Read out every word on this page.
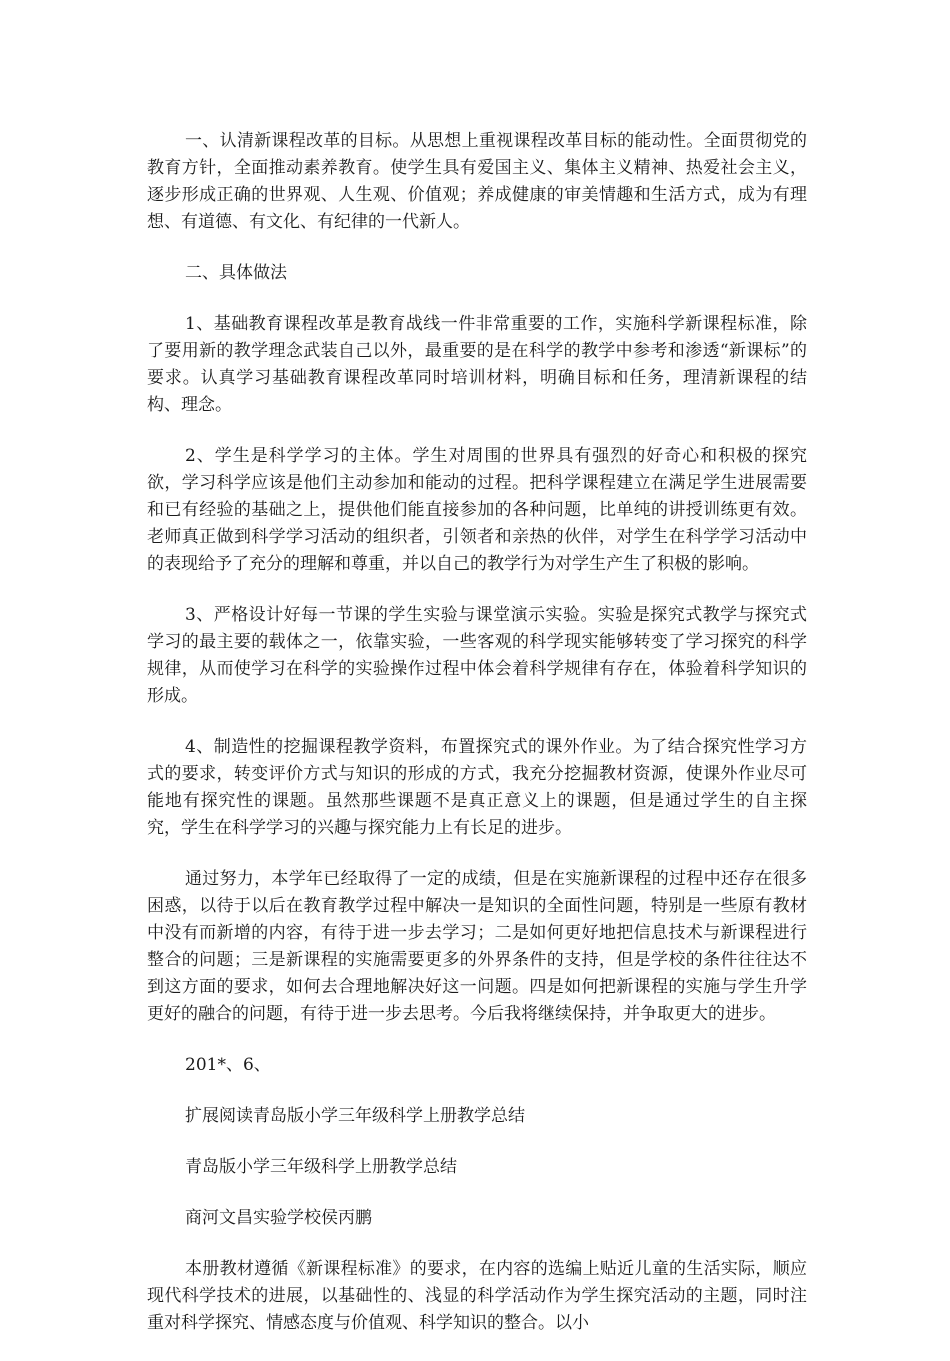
一、认清新课程改革的目标。从思想上重视课程改革目标的能动性。全面贯彻党的教育方针，全面推动素养教育。使学生具有爱国主义、集体主义精神、热爱社会主义，逐步形成正确的世界观、人生观、价值观；养成健康的审美情趣和生活方式，成为有理想、有道德、有文化、有纪律的一代新人。

二、具体做法

1、基础教育课程改革是教育战线一件非常重要的工作，实施科学新课程标准，除了要用新的教学理念武装自己以外，最重要的是在科学的教学中参考和渗透“新课标”的要求。认真学习基础教育课程改革同时培训材料，明确目标和任务，理清新课程的结构、理念。

2、学生是科学学习的主体。学生对周围的世界具有强烈的好奇心和积极的探究欲，学习科学应该是他们主动参加和能动的过程。把科学课程建立在满足学生进展需要和已有经验的基础之上，提供他们能直接参加的各种问题，比单纯的讲授训练更有效。老师真正做到科学学习活动的组织者，引领者和亲热的伙伴，对学生在科学学习活动中的表现给予了充分的理解和尊重，并以自己的教学行为对学生产生了积极的影响。

3、严格设计好每一节课的学生实验与课堂演示实验。实验是探究式教学与探究式学习的最主要的载体之一，依靠实验，一些客观的科学现实能够转变了学习探究的科学规律，从而使学习在科学的实验操作过程中体会着科学规律有存在，体验着科学知识的形成。

4、制造性的挖掘课程教学资料，布置探究式的课外作业。为了结合探究性学习方式的要求，转变评价方式与知识的形成的方式，我充分挖掘教材资源，使课外作业尽可能地有探究性的课题。虽然那些课题不是真正意义上的课题，但是通过学生的自主探究，学生在科学学习的兴趣与探究能力上有长足的进步。

通过努力，本学年已经取得了一定的成绩，但是在实施新课程的过程中还存在很多困惑，以待于以后在教育教学过程中解决一是知识的全面性问题，特别是一些原有教材中没有而新增的内容，有待于进一步去学习；二是如何更好地把信息技术与新课程进行整合的问题；三是新课程的实施需要更多的外界条件的支持，但是学校的条件往往达不到这方面的要求，如何去合理地解决好这一问题。四是如何把新课程的实施与学生升学更好的融合的问题，有待于进一步去思考。今后我将继续保持，并争取更大的进步。

201*、6、

扩展阅读青岛版小学三年级科学上册教学总结

青岛版小学三年级科学上册教学总结

商河文昌实验学校侯丙鹏

本册教材遵循《新课程标准》的要求，在内容的选编上贴近儿童的生活实际，顺应现代科学技术的进展，以基础性的、浅显的科学活动作为学生探究活动的主题，同时注重对科学探究、情感态度与价值观、科学知识的整合。以小
